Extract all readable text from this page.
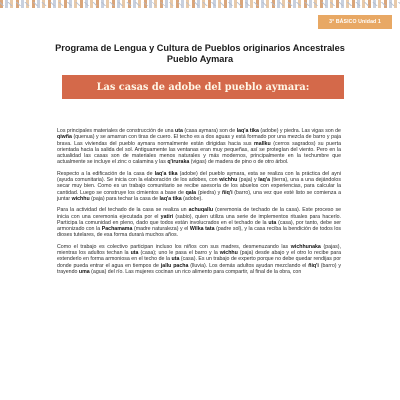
3° BÁSICO Unidad 1
Programa de Lengua y Cultura de Pueblos originarios Ancestrales
Pueblo Aymara
Las casas de adobe del pueblo aymara:

Los principales materiales de construcción de una uta (casa aymara) son de laq'a tika (adobe) y piedra. Las vigas son de qiwña (quenua) y se amarran con tiras de cuero. El techo es a dos aguas y está formado por una mezcla de barro y paja brava. Las viviendas del pueblo aymara normalmente están dirigidas hacia sus mallku (cerros sagrados) su puerta orientada hacia la salida del sol. Antiguamente las ventanas eran muy pequeñas, así se protegían del viento. Pero en la actualidad las casas son de materiales menos naturales y más modernos, principalmente en la techumbre que actualmente se incluye el zinc o calamina y las q'iruraka (vigas) de madera de pino o de otro árbol.

Respecto a la edificación de la casa de laq'a tika (adobe) del pueblo aymara, esta se realiza con la práctica del ayni (ayuda comunitaria). Se inicia con la elaboración de los adobes, con wichhu (paja) y laq'a (tierra), una a una dejándolos secar muy bien. Como es un trabajo comunitario se recibe asesoría de los abuelos con experiencias, para calcular la cantidad. Luego se construye los cimientos a base de qala (piedra) y ñiq'i (barro), una vez que esté listo se comienza a juntar wichhu (paja) para techar la casa de laq'a tika (adobe).

Para la actividad del techado de la casa se realiza un achuqallu (ceremonia de techado de la casa). Este proceso se inicia con una ceremonia ejecutada por el yatiri (sabio), quien utiliza una serie de implementos rituales para hacerlo. Participa la comunidad en pleno, dado que todos están involucrados en el techado de la uta (casa), por tanto, debe ser armonizado con la Pachamama (madre naturaleza) y el Wilka tata (padre sol), y la casa reciba la bendición de todos los dioses tutelares, de esa forma durará muchos años.

Como el trabajo es colectivo participan incluso los niños con sus madres, desmenuzando las wichhunaka (pajas), mientras los adultos techan la uta (casa); uno le pasa el barro y la wichhu (paja) desde abajo y el otro lo recibe para extenderlo en forma armoniosa en el techo de la uta (casa). Es un trabajo de experto porque no debe quedar rendijas por donde pueda entrar el agua en tiempos de jallu pacha (lluvia). Los demás adultos ayudan mezclando el ñiq'i (barro) y trayendo uma (agua) del río. Las mujeres cocinan un rico alimento para compartir, al final de la obra, con
